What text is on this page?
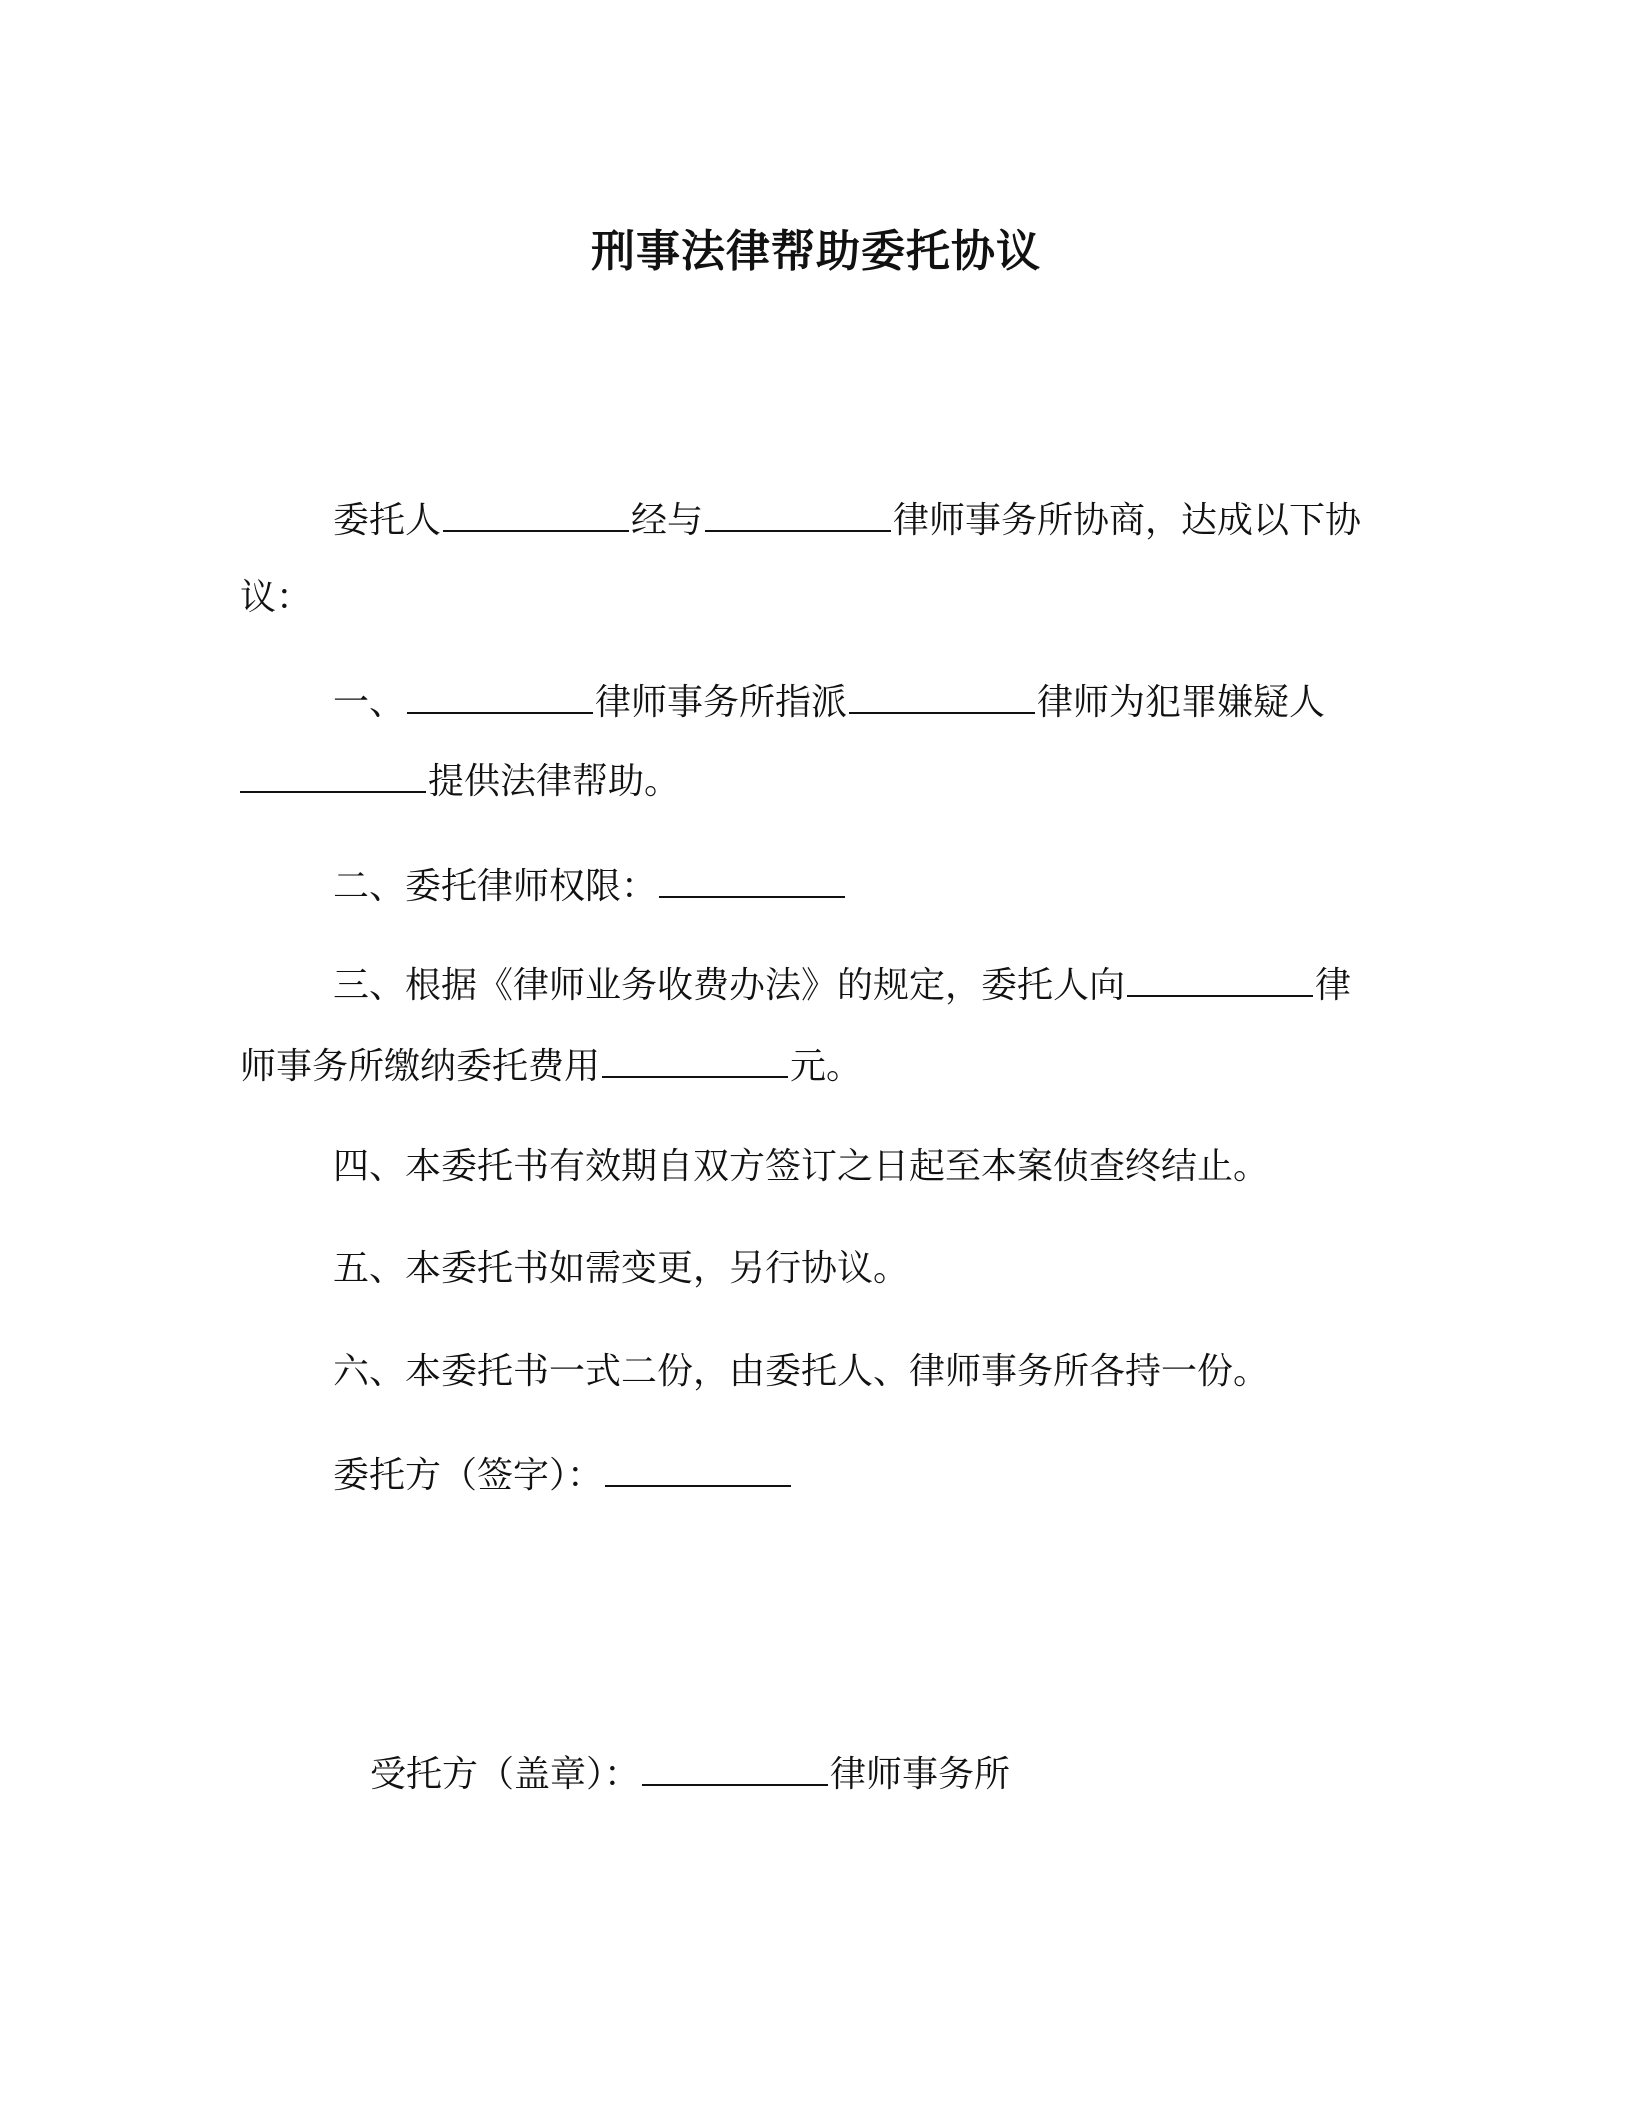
刑事法律帮助委托协议
委托人	经与	律师事务所协商，达成以下协
议：
一、	律师事务所指派	律师为犯罪嫌疑人
提供法律帮助。
二、委托律师权限：
三、根据《律师业务收费办法》的规定，委托人向	律
师事务所缴纳委托费用	元。
四、本委托书有效期自双方签订之日起至本案侦查终结止。
五、本委托书如需变更，另行协议。
六、本委托书一式二份，由委托人、律师事务所各持一份。
委托方（签字）：
受托方（盖章）：	律师事务所
